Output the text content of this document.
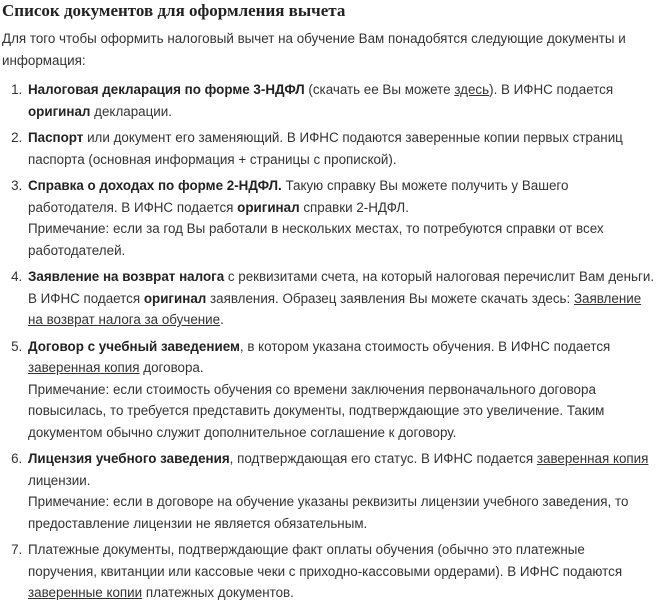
Список документов для оформления вычета

Для того чтобы оформить налоговый вычет на обучение Вам понадобятся следующие документы и информация:

1. Налоговая декларация по форме 3-НДФЛ (скачать ее Вы можете здесь). В ИФНС подается оригинал декларации.
2. Паспорт или документ его заменяющий. В ИФНС подаются заверенные копии первых страниц паспорта (основная информация + страницы с пропиской).
3. Справка о доходах по форме 2-НДФЛ. Такую справку Вы можете получить у Вашего работодателя. В ИФНС подается оригинал справки 2-НДФЛ.
Примечание: если за год Вы работали в нескольких местах, то потребуются справки от всех работодателей.
4. Заявление на возврат налога с реквизитами счета, на который налоговая перечислит Вам деньги. В ИФНС подается оригинал заявления. Образец заявления Вы можете скачать здесь: Заявление на возврат налога за обучение.
5. Договор с учебный заведением, в котором указана стоимость обучения. В ИФНС подается заверенная копия договора.
Примечание: если стоимость обучения со времени заключения первоначального договора повысилась, то требуется представить документы, подтверждающие это увеличение. Таким документом обычно служит дополнительное соглашение к договору.
6. Лицензия учебного заведения, подтверждающая его статус. В ИФНС подается заверенная копия лицензии.
Примечание: если в договоре на обучение указаны реквизиты лицензии учебного заведения, то предоставление лицензии не является обязательным.
7. Платежные документы, подтверждающие факт оплаты обучения (обычно это платежные поручения, квитанции или кассовые чеки с приходно-кассовыми ордерами). В ИФНС подаются заверенные копии платежных документов.
